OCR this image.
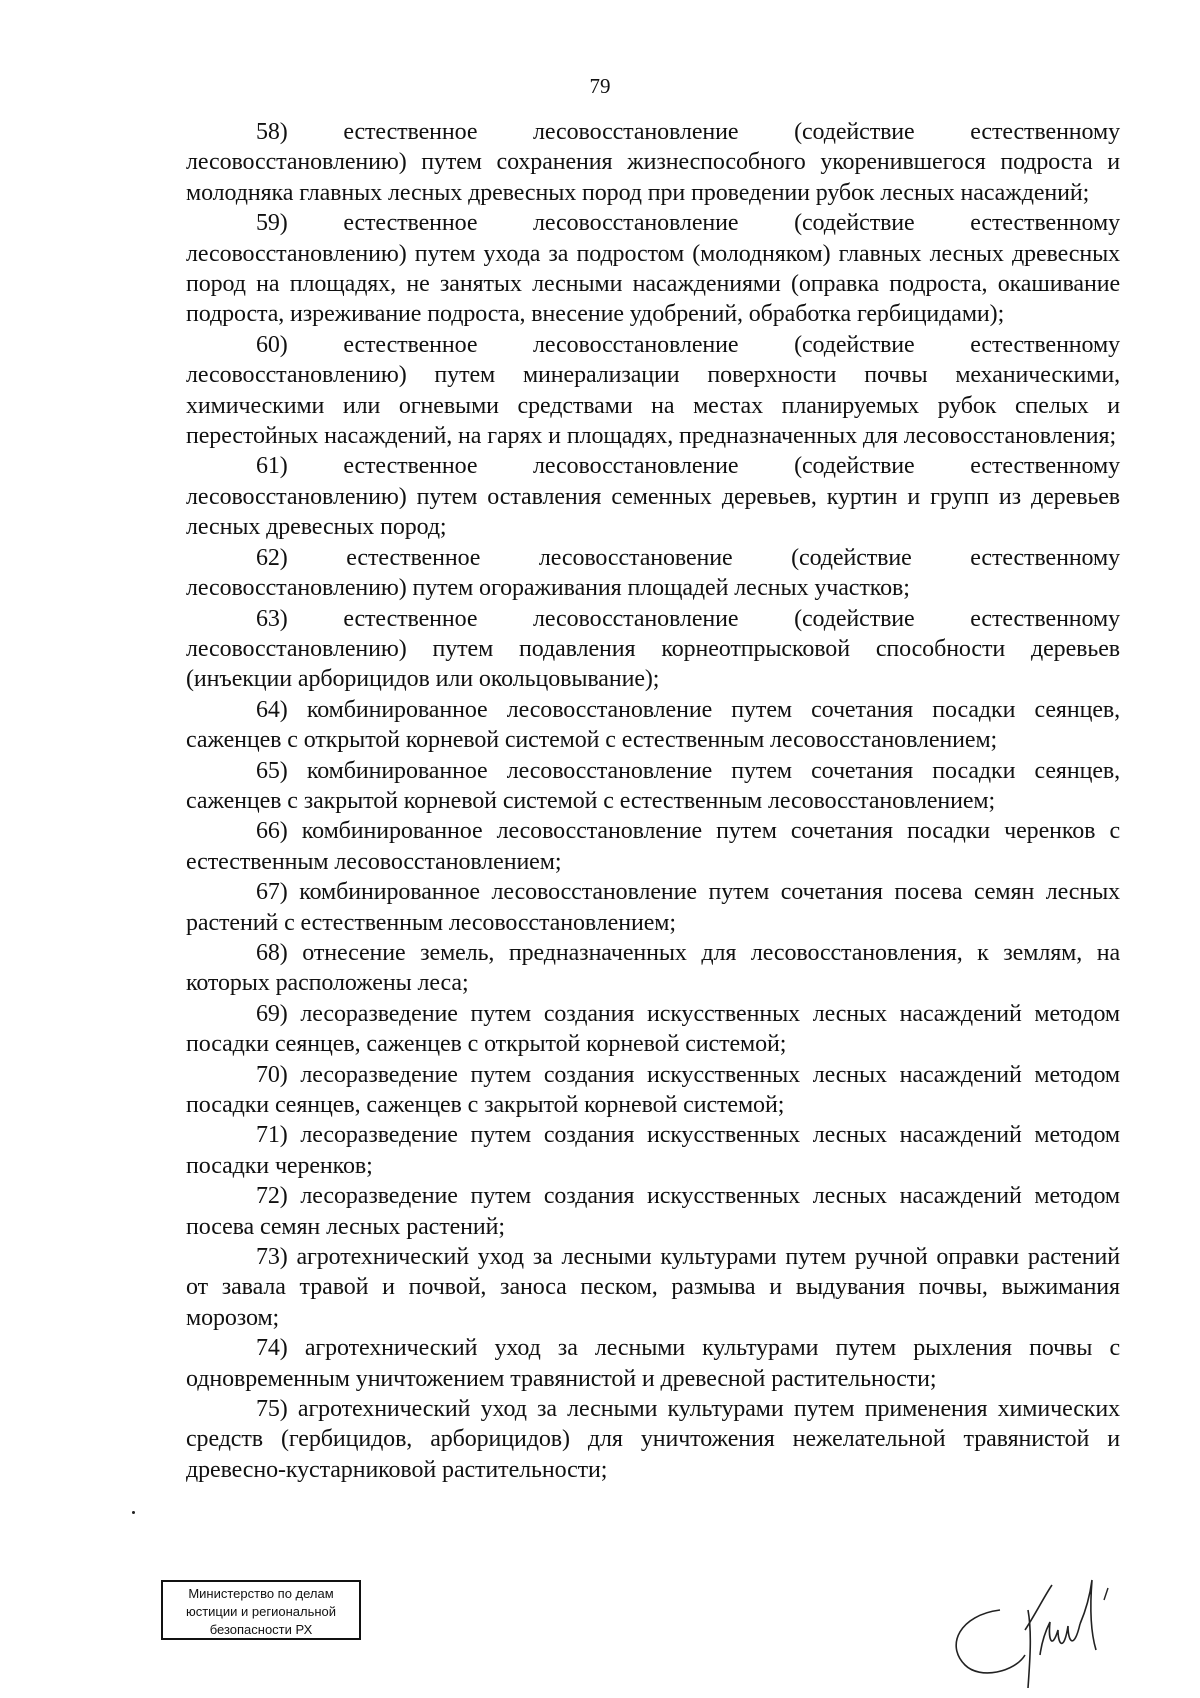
79

58) естественное лесовосстановление (содействие естественному лесовосстановлению) путем сохранения жизнеспособного укоренившегося подроста и молодняка главных лесных древесных пород при проведении рубок лесных насаждений;

59) естественное лесовосстановление (содействие естественному лесовосстановлению) путем ухода за подростом (молодняком) главных лесных древесных пород на площадях, не занятых лесными насаждениями (оправка подроста, окашивание подроста, изреживание подроста, внесение удобрений, обработка гербицидами);

60) естественное лесовосстановление (содействие естественному лесовосстановлению) путем минерализации поверхности почвы механическими, химическими или огневыми средствами на местах планируемых рубок спелых и перестойных насаждений, на гарях и площадях, предназначенных для лесовосстановления;

61) естественное лесовосстановление (содействие естественному лесовосстановлению) путем оставления семенных деревьев, куртин и групп из деревьев лесных древесных пород;

62) естественное лесовосстановение (содействие естественному лесовосстановлению) путем огораживания площадей лесных участков;

63) естественное лесовосстановление (содействие естественному лесовосстановлению) путем подавления корнеотпрысковой способности деревьев (инъекции арборицидов или окольцовывание);

64) комбинированное лесовосстановление путем сочетания посадки сеянцев, саженцев с открытой корневой системой с естественным лесовосстановлением;

65) комбинированное лесовосстановление путем сочетания посадки сеянцев, саженцев с закрытой корневой системой с естественным лесовосстановлением;

66) комбинированное лесовосстановление путем сочетания посадки черенков с естественным лесовосстановлением;

67) комбинированное лесовосстановление путем сочетания посева семян лесных растений с естественным лесовосстановлением;

68) отнесение земель, предназначенных для лесовосстановления, к землям, на которых расположены леса;

69) лесоразведение путем создания искусственных лесных насаждений методом посадки сеянцев, саженцев с открытой корневой системой;

70) лесоразведение путем создания искусственных лесных насаждений методом посадки сеянцев, саженцев с закрытой корневой системой;

71) лесоразведение путем создания искусственных лесных насаждений методом посадки черенков;

72) лесоразведение путем создания искусственных лесных насаждений методом посева семян лесных растений;

73) агротехнический уход за лесными культурами путем ручной оправки растений от завала травой и почвой, заноса песком, размыва и выдувания почвы, выжимания морозом;

74) агротехнический уход за лесными культурами путем рыхления почвы с одновременным уничтожением травянистой и древесной растительности;

75) агротехнический уход за лесными культурами путем применения химических средств (гербицидов, арборицидов) для уничтожения нежелательной травянистой и древесно-кустарниковой растительности;

Министерство по делам
юстиции и региональной
безопасности РХ
